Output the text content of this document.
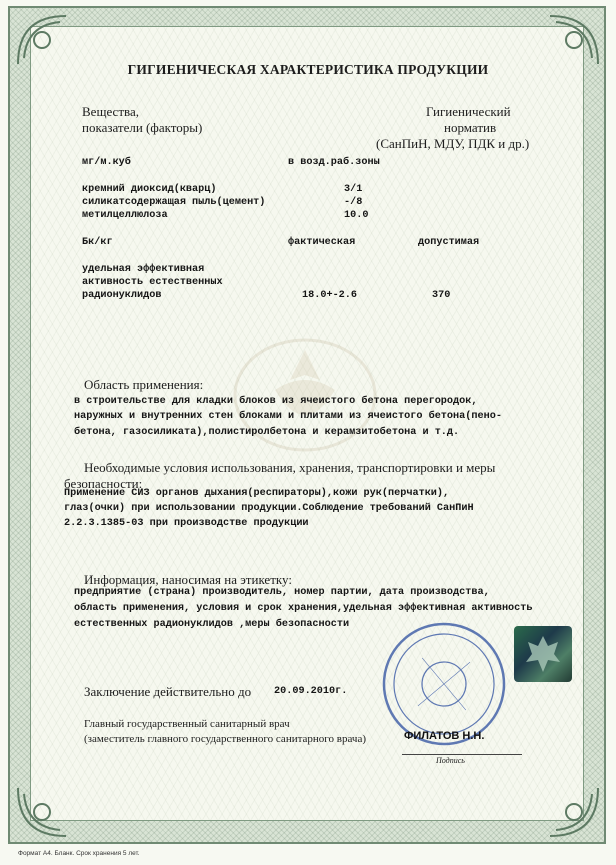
ГИГИЕНИЧЕСКАЯ ХАРАКТЕРИСТИКА ПРОДУКЦИИ
Вещества,
показатели (факторы)
Гигиенический
норматив
(СанПиН, МДУ, ПДК и др.)
мг/м.куб	в возд.раб.зоны
кремний диоксид(кварц)	3/1
силикатсодержащая пыль(цемент)	-/8
метилцеллюлоза	10.0
Бк/кг	фактическая	допустимая
удельная эффективная
активность естественных
радионуклидов	18.0+-2.6	370
Область применения:
в строительстве для кладки блоков из ячеистого бетона перегородок,
наружных и внутренних стен блоками и плитами из ячеистого бетона(пено-
бетона, газосиликата),полистиролбетона и керамзитобетона и т.д.
Необходимые условия использования, хранения, транспортировки и меры
безопасности:
Применение СИЗ органов дыхания(респираторы),кожи рук(перчатки),
глаз(очки) при использовании продукции.Соблюдение требований СанПиН
2.2.3.1385-03 при производстве продукции
Информация, наносимая на этикетку:
предприятие (страна) производитель, номер партии, дата производства,
область применения, условия и срок хранения,удельная эффективная активность
естественных радионуклидов ,меры безопасности
Заключение действительно до 20.09.2010г.
Главный государственный санитарный врач
(заместитель главного государственного санитарного врача)	ФИЛАТОВ Н.Н.
Подпись
Формат А4. Бланк. Срок хранения 5 лет.
